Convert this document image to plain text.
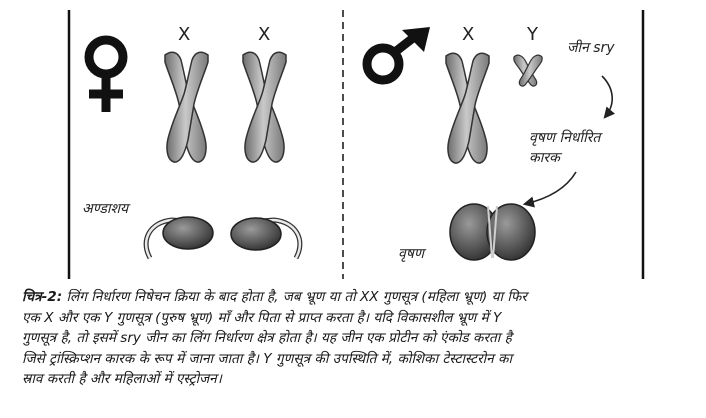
X	X
अण्डाशय
X	Y
जीन sry
वृषण निर्धारित
कारक
वृषण

चित्र-2: लिंग निर्धारण निषेचन क्रिया के बाद होता है, जब भ्रूण या तो XX गुणसूत्र (महिला भ्रूण) या फिर
एक X और एक Y गुणसूत्र (पुरुष भ्रूण) माँ और पिता से प्राप्त करता है। यदि विकासशील भ्रूण में Y
गुणसूत्र है, तो इसमें sry जीन का लिंग निर्धारण क्षेत्र होता है। यह जीन एक प्रोटीन को एंकोड करता है
जिसे ट्रांस्क्रिप्शन कारक के रूप में जाना जाता है। Y गुणसूत्र की उपस्थिति में, कोशिका टेस्टास्टरोन का
स्राव करती है और महिलाओं में एस्ट्रोजन।
